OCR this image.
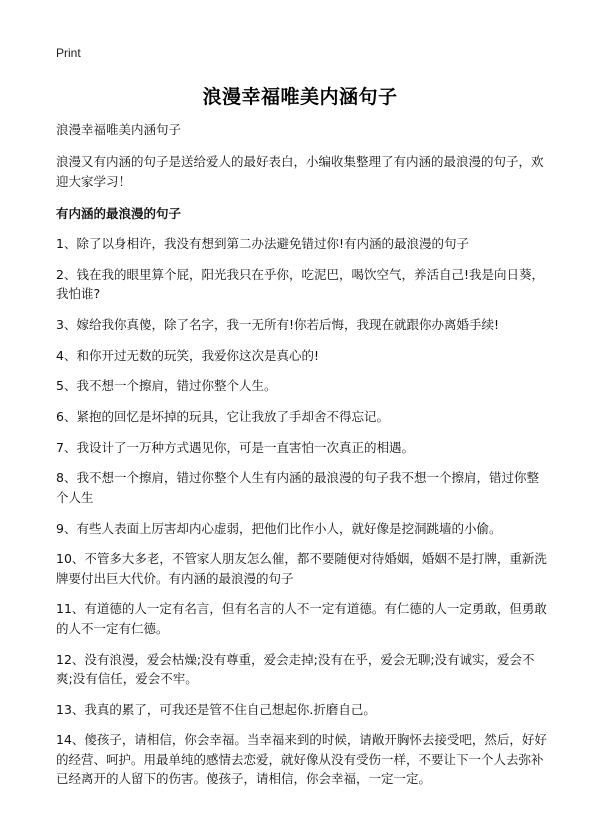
Print
浪漫幸福唯美内涵句子

浪漫幸福唯美内涵句子

浪漫又有内涵的句子是送给爱人的最好表白，小编收集整理了有内涵的最浪漫的句子，欢迎大家学习！

有内涵的最浪漫的句子

1、除了以身相许，我没有想到第二办法避免错过你!有内涵的最浪漫的句子
2、钱在我的眼里算个屁，阳光我只在乎你，吃泥巴，喝饮空气，养活自己!我是向日葵，我怕谁?
3、嫁给我你真傻，除了名字，我一无所有!你若后悔，我现在就跟你办离婚手续!
4、和你开过无数的玩笑，我爱你这次是真心的!
5、我不想一个擦肩，错过你整个人生。
6、紧抱的回忆是坏掉的玩具，它让我放了手却舍不得忘记。
7、我设计了一万种方式遇见你，可是一直害怕一次真正的相遇。
8、我不想一个擦肩，错过你整个人生有内涵的最浪漫的句子我不想一个擦肩，错过你整个人生
9、有些人表面上厉害却内心虚弱，把他们比作小人，就好像是挖洞跳墙的小偷。
10、不管多大多老，不管家人朋友怎么催，都不要随便对待婚姻，婚姻不是打牌，重新洗牌要付出巨大代价。有内涵的最浪漫的句子
11、有道德的人一定有名言，但有名言的人不一定有道德。有仁德的人一定勇敢，但勇敢的人不一定有仁德。
12、没有浪漫，爱会枯燥;没有尊重，爱会走掉;没有在乎，爱会无聊;没有诚实，爱会不爽;没有信任，爱会不牢。
13、我真的累了，可我还是管不住自己想起你.折磨自己。
14、傻孩子，请相信，你会幸福。当幸福来到的时候，请敞开胸怀去接受吧，然后，好好的经营、呵护。用最单纯的感情去恋爱，就好像从没有受伤一样，不要让下一个人去弥补已经离开的人留下的伤害。傻孩子，请相信，你会幸福，一定一定。
